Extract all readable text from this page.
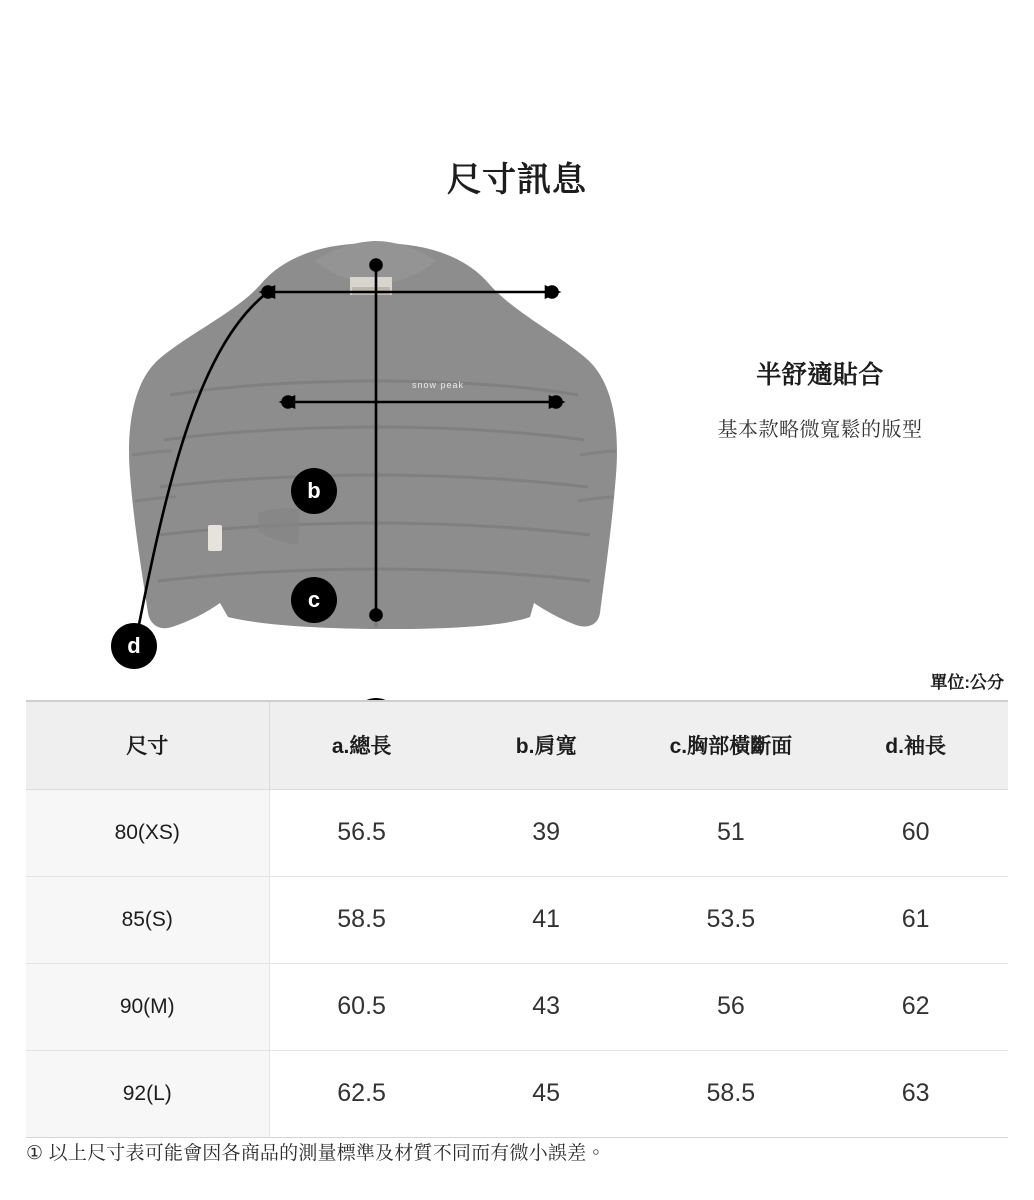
尺寸訊息
snow peak
b
c
d
半舒適貼合
基本款略微寬鬆的版型
單位:公分
尺寸	a.總長	b.肩寬	c.胸部橫斷面	d.袖長
80(XS)	56.5	39	51	60
85(S)	58.5	41	53.5	61
90(M)	60.5	43	56	62
92(L)	62.5	45	58.5	63
① 以上尺寸表可能會因各商品的測量標準及材質不同而有微小誤差。
